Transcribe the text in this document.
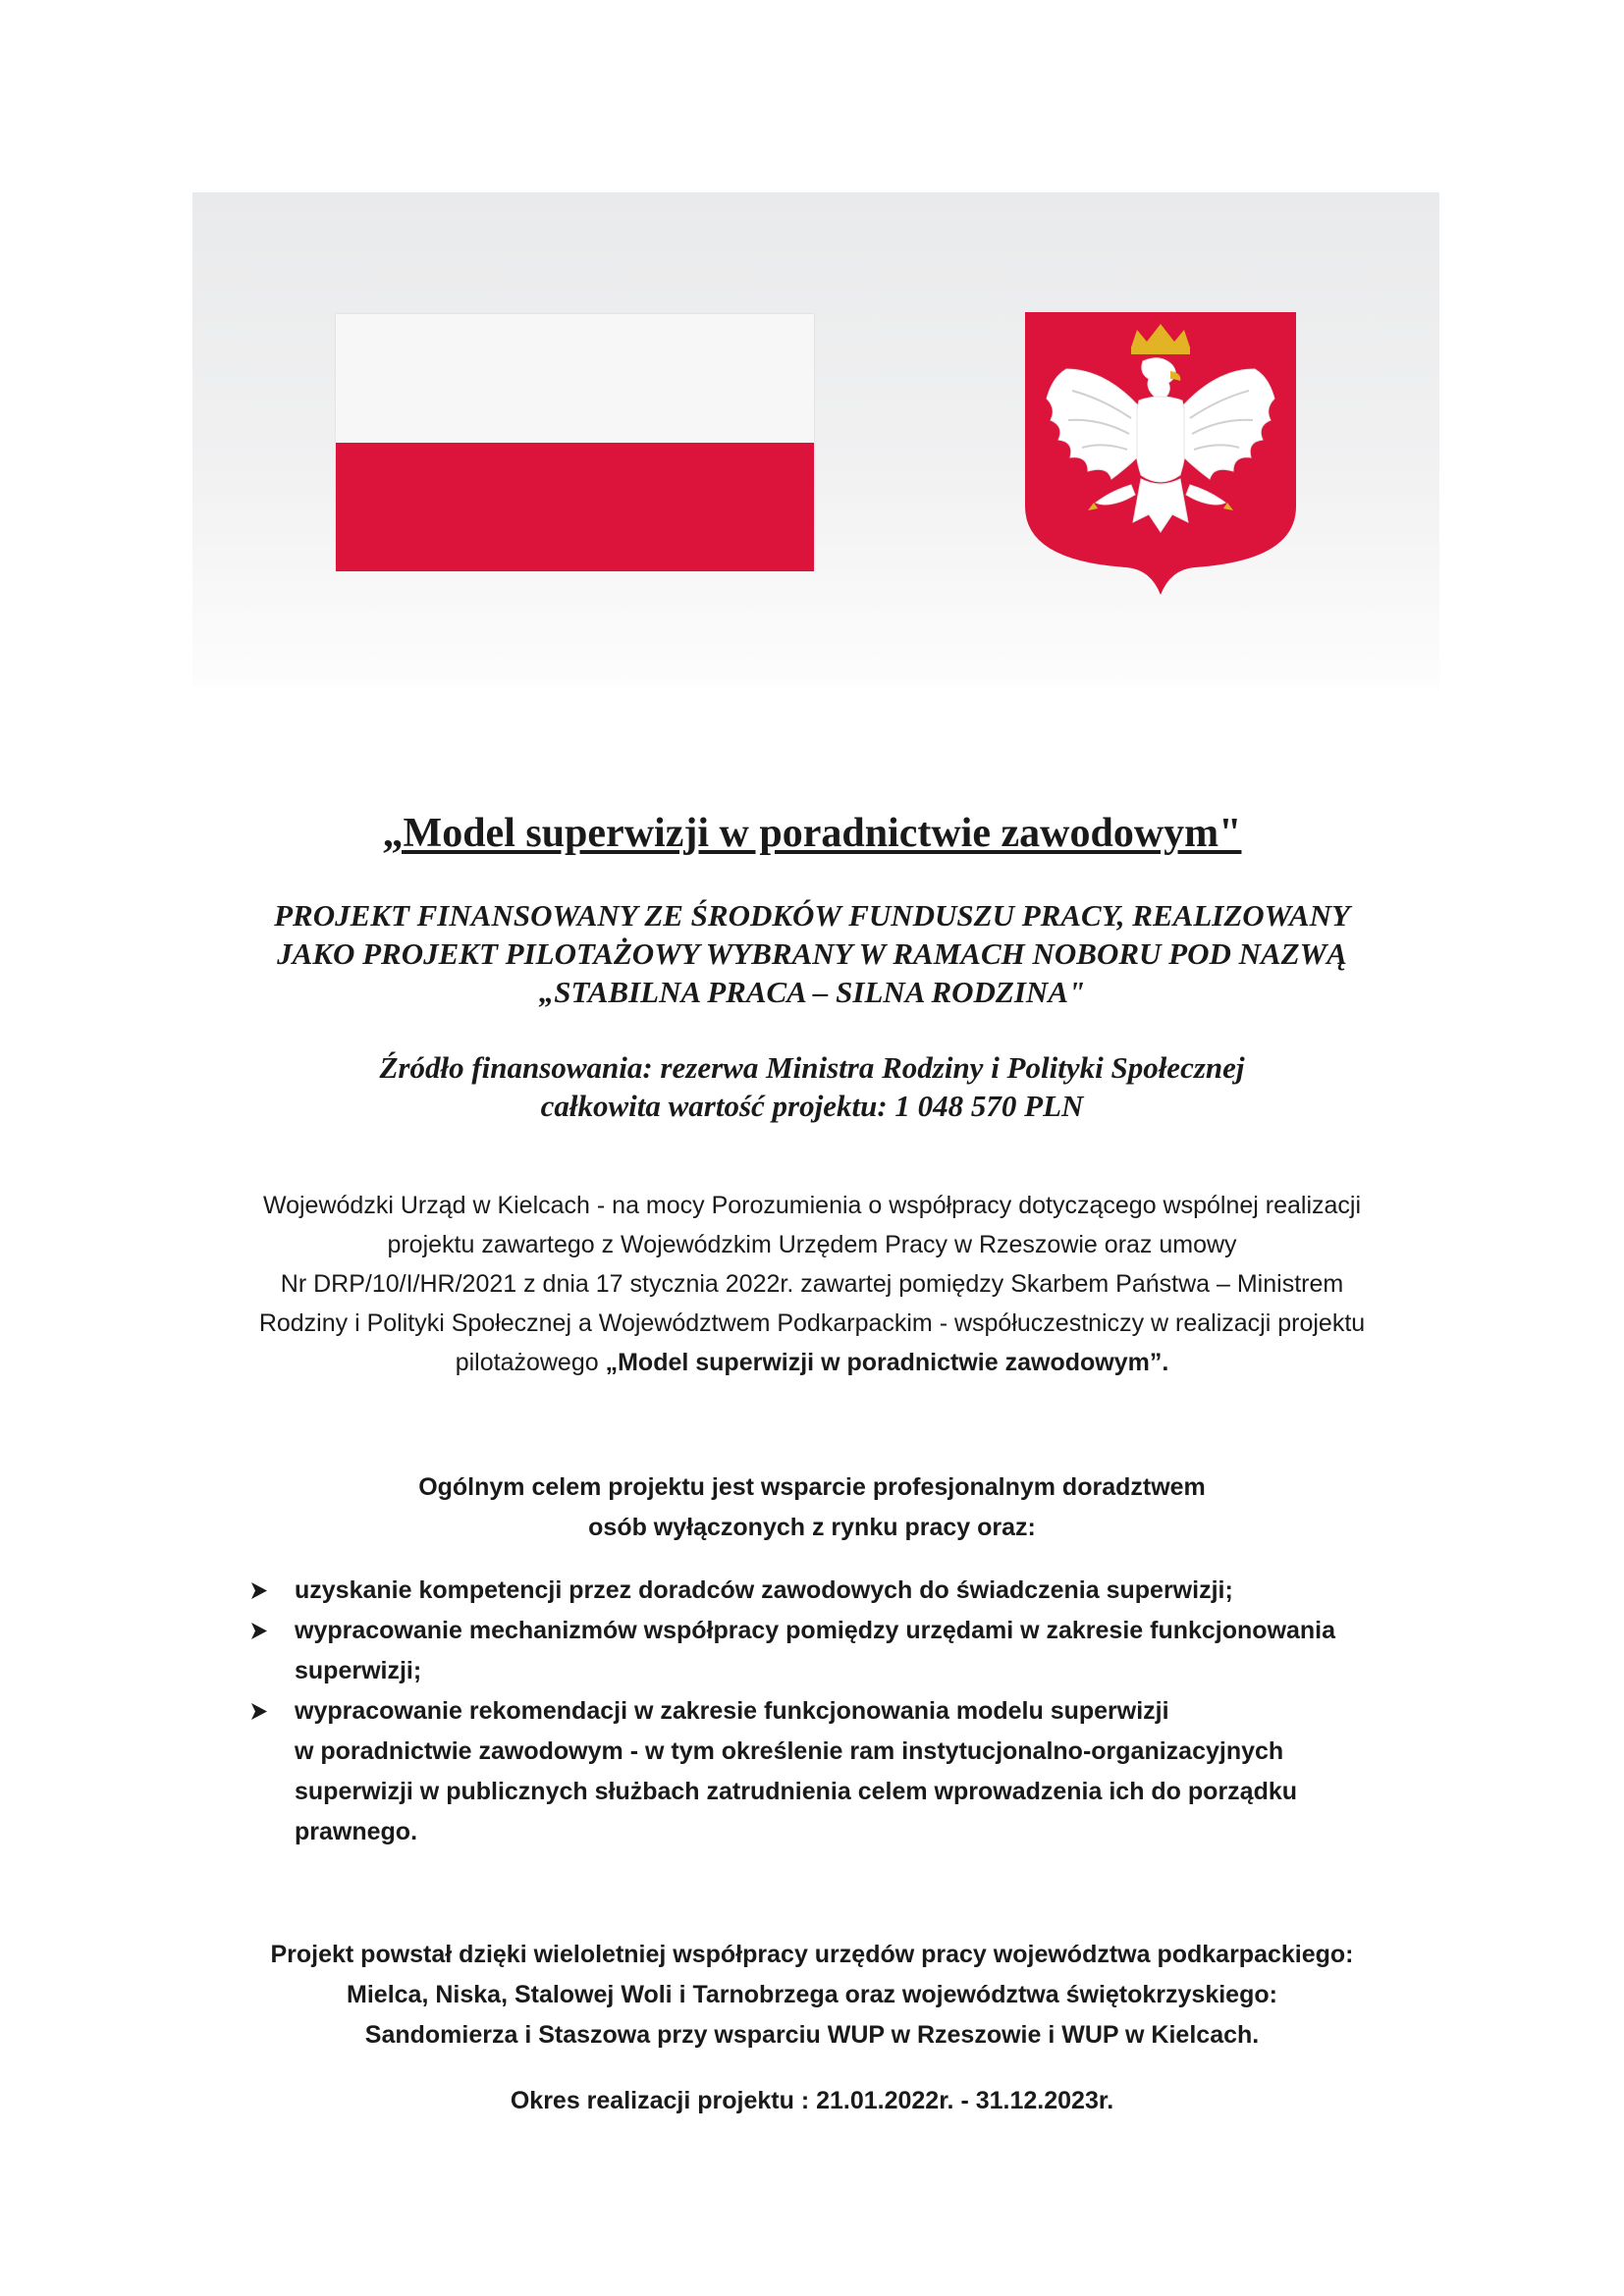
„Model superwizji w poradnictwie zawodowym"
PROJEKT FINANSOWANY ZE ŚRODKÓW FUNDUSZU PRACY, REALIZOWANY
JAKO PROJEKT PILOTAŻOWY WYBRANY W RAMACH NOBORU POD NAZWĄ
„STABILNA PRACA – SILNA RODZINA"
Źródło finansowania: rezerwa Ministra Rodziny i Polityki Społecznej
całkowita wartość projektu: 1 048 570 PLN
Wojewódzki Urząd w Kielcach - na mocy Porozumienia o współpracy dotyczącego wspólnej realizacji
projektu zawartego z Wojewódzkim Urzędem Pracy w Rzeszowie oraz umowy
Nr DRP/10/I/HR/2021 z dnia 17 stycznia 2022r. zawartej pomiędzy Skarbem Państwa – Ministrem
Rodziny i Polityki Społecznej a Województwem Podkarpackim - współuczestniczy w realizacji projektu
pilotażowego „Model superwizji w poradnictwie zawodowym”.
Ogólnym celem projektu jest wsparcie profesjonalnym doradztwem
osób wyłączonych z rynku pracy oraz:
uzyskanie kompetencji przez doradców zawodowych do świadczenia superwizji;
wypracowanie mechanizmów współpracy pomiędzy urzędami w zakresie funkcjonowania
superwizji;
wypracowanie rekomendacji w zakresie funkcjonowania modelu superwizji
w poradnictwie zawodowym - w tym określenie ram instytucjonalno-organizacyjnych
superwizji w publicznych służbach zatrudnienia celem wprowadzenia ich do porządku
prawnego.
Projekt powstał dzięki wieloletniej współpracy urzędów pracy województwa podkarpackiego:
Mielca, Niska, Stalowej Woli i Tarnobrzega oraz województwa świętokrzyskiego:
Sandomierza i Staszowa przy wsparciu WUP w Rzeszowie i WUP w Kielcach.
Okres realizacji projektu : 21.01.2022r. - 31.12.2023r.
